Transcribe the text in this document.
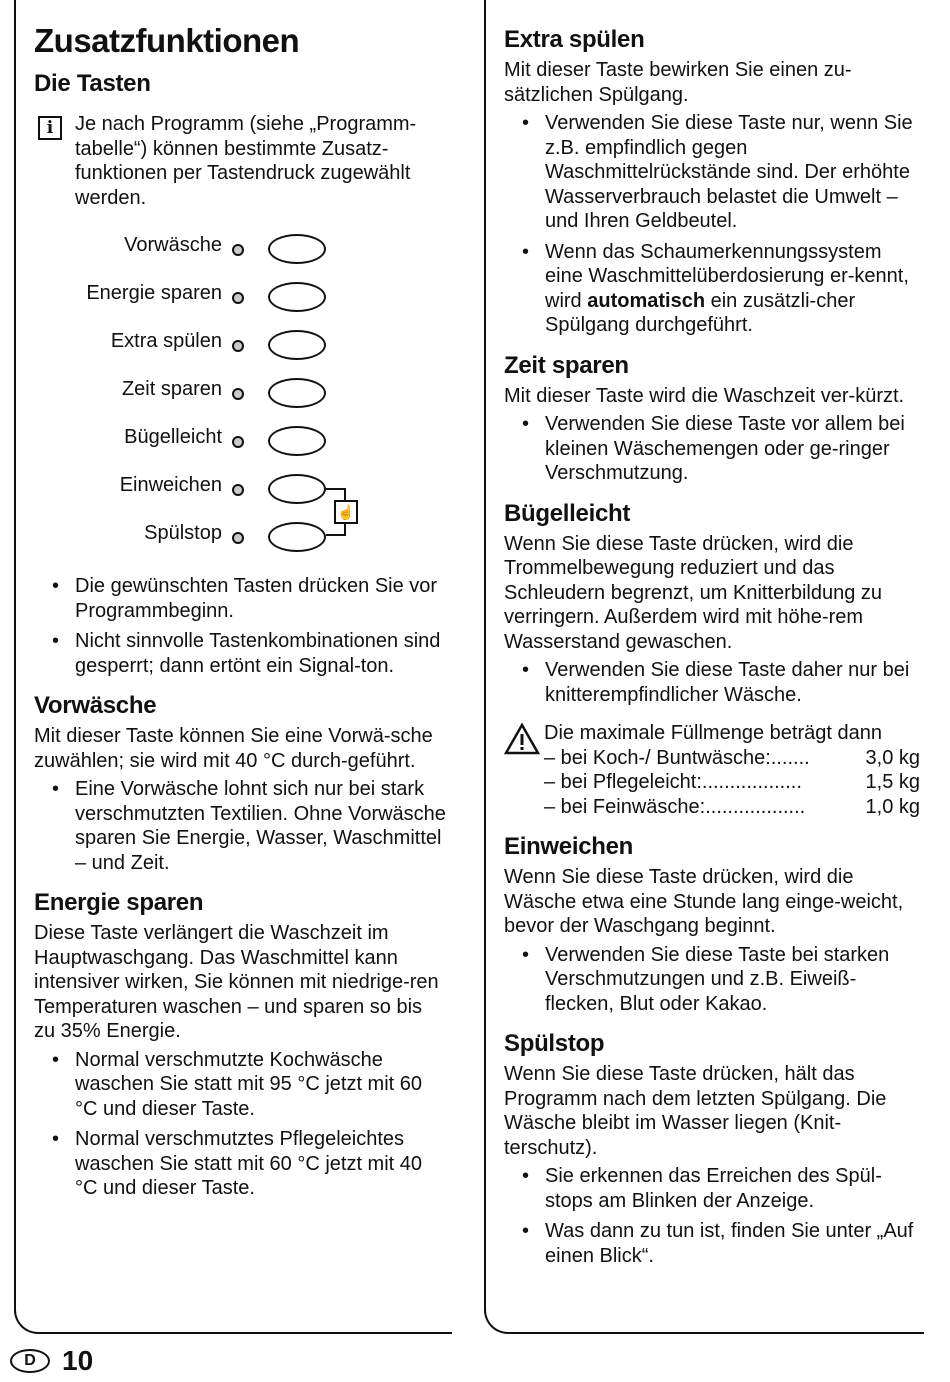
Zusatzfunktionen
Die Tasten
i	Je nach Programm (siehe „Programm-tabelle“) können bestimmte Zusatz-funktionen per Tastendruck zugewählt werden.
Vorwäsche
Energie sparen
Extra spülen
Zeit sparen
Bügelleicht
Einweichen
Spülstop
☝
• Die gewünschten Tasten drücken Sie vor Programmbeginn.
• Nicht sinnvolle Tastenkombinationen sind gesperrt; dann ertönt ein Signal-ton.
Vorwäsche

Mit dieser Taste können Sie eine Vorwä-sche zuwählen; sie wird mit 40 °C durch-geführt.

• Eine Vorwäsche lohnt sich nur bei stark verschmutzten Textilien. Ohne Vorwäsche sparen Sie Energie, Wasser, Waschmittel – und Zeit.
Energie sparen

Diese Taste verlängert die Waschzeit im Hauptwaschgang. Das Waschmittel kann intensiver wirken, Sie können mit niedrige-ren Temperaturen waschen – und sparen so bis zu 35% Energie.

• Normal verschmutzte Kochwäsche waschen Sie statt mit 95 °C jetzt mit 60 °C und dieser Taste.
• Normal verschmutztes Pflegeleichtes waschen Sie statt mit 60 °C jetzt mit 40 °C und dieser Taste.
Extra spülen

Mit dieser Taste bewirken Sie einen zu-sätzlichen Spülgang.

• Verwenden Sie diese Taste nur, wenn Sie z.B. empfindlich gegen Waschmittelrückstände sind. Der erhöhte Wasserverbrauch belastet die Umwelt – und Ihren Geldbeutel.
• Wenn das Schaumerkennungssystem eine Waschmittelüberdosierung er-kennt, wird automatisch ein zusätzli-cher Spülgang durchgeführt.
Zeit sparen

Mit dieser Taste wird die Waschzeit ver-kürzt.

• Verwenden Sie diese Taste vor allem bei kleinen Wäschemengen oder ge-ringer Verschmutzung.
Bügelleicht

Wenn Sie diese Taste drücken, wird die Trommelbewegung reduziert und das Schleudern begrenzt, um Knitterbildung zu verringern. Außerdem wird mit höhe-rem Wasserstand gewaschen.

• Verwenden Sie diese Taste daher nur bei knitterempfindlicher Wäsche.
Die maximale Füllmenge beträgt dann
– bei Koch-/ Buntwäsche: .......	3,0 kg
– bei Pflegeleicht: ..................	1,5 kg
– bei Feinwäsche: ..................	1,0 kg
Einweichen

Wenn Sie diese Taste drücken, wird die Wäsche etwa eine Stunde lang einge-weicht, bevor der Waschgang beginnt.

• Verwenden Sie diese Taste bei starken Verschmutzungen und z.B. Eiweiß-flecken, Blut oder Kakao.
Spülstop

Wenn Sie diese Taste drücken, hält das Programm nach dem letzten Spülgang. Die Wäsche bleibt im Wasser liegen (Knit-terschutz).

• Sie erkennen das Erreichen des Spül-stops am Blinken der Anzeige.
• Was dann zu tun ist, finden Sie unter „Auf einen Blick“.
D 10
